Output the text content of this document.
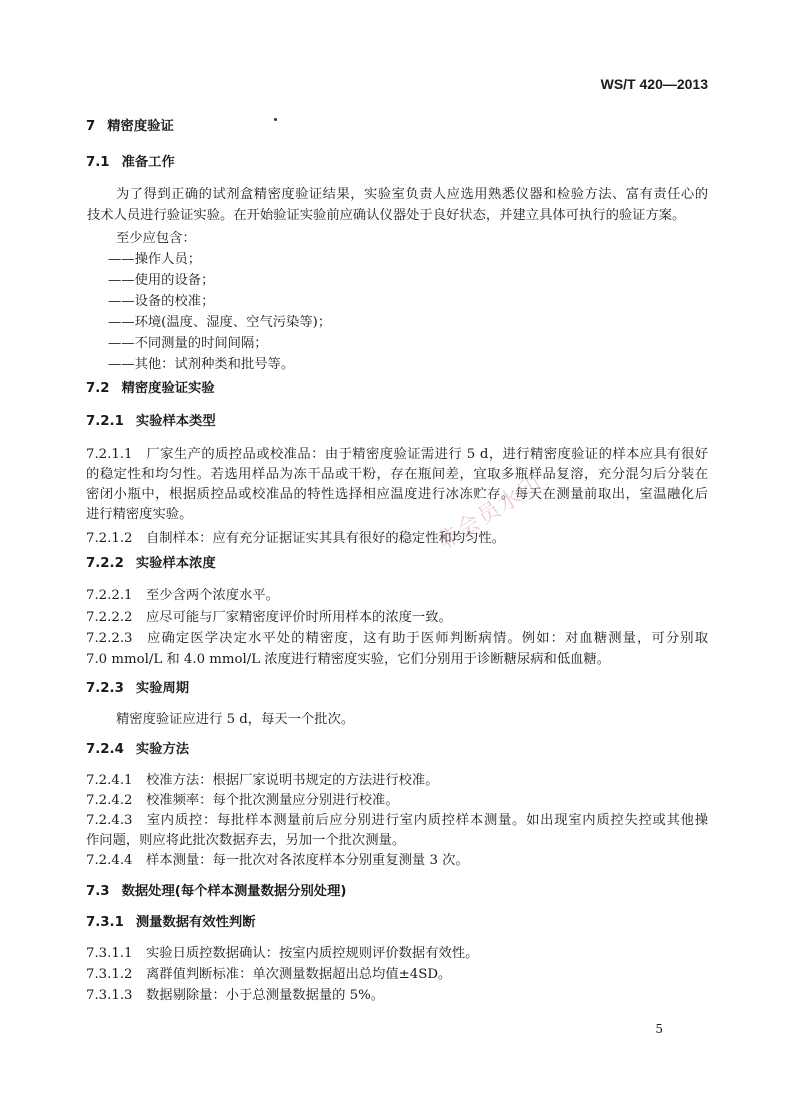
WS/T 420—2013
7 精密度验证
7.1 准备工作
为了得到正确的试剂盒精密度验证结果，实验室负责人应选用熟悉仪器和检验方法、富有责任心的
技术人员进行验证实验。在开始验证实验前应确认仪器处于良好状态，并建立具体可执行的验证方案。
至少应包含：
——操作人员；
——使用的设备；
——设备的校准；
——环境(温度、湿度、空气污染等)；
——不同测量的时间间隔；
——其他：试剂种类和批号等。
7.2 精密度验证实验
7.2.1 实验样本类型
7.2.1.1 厂家生产的质控品或校准品：由于精密度验证需进行 5 d，进行精密度验证的样本应具有很好
的稳定性和均匀性。若选用样品为冻干品或干粉，存在瓶间差，宜取多瓶样品复溶，充分混匀后分装在
密闭小瓶中，根据质控品或校准品的特性选择相应温度进行冰冻贮存。每天在测量前取出，室温融化后
进行精密度实验。
7.2.1.2 自制样本：应有充分证据证实其具有很好的稳定性和均匀性。
7.2.2 实验样本浓度
7.2.2.1 至少含两个浓度水平。
7.2.2.2 应尽可能与厂家精密度评价时所用样本的浓度一致。
7.2.2.3 应确定医学决定水平处的精密度，这有助于医师判断病情。例如：对血糖测量，可分别取
7.0 mmol/L 和 4.0 mmol/L 浓度进行精密度实验，它们分别用于诊断糖尿病和低血糖。
7.2.3 实验周期
精密度验证应进行 5 d，每天一个批次。
7.2.4 实验方法
7.2.4.1 校准方法：根据厂家说明书规定的方法进行校准。
7.2.4.2 校准频率：每个批次测量应分别进行校准。
7.2.4.3 室内质控：每批样本测量前后应分别进行室内质控样本测量。如出现室内质控失控或其他操
作问题，则应将此批次数据弃去，另加一个批次测量。
7.2.4.4 样本测量：每一批次对各浓度样本分别重复测量 3 次。
7.3 数据处理(每个样本测量数据分别处理)
7.3.1 测量数据有效性判断
7.3.1.1 实验日质控数据确认：按室内质控规则评价数据有效性。
7.3.1.2 离群值判断标准：单次测量数据超出总均值±4SD。
7.3.1.3 数据剔除量：小于总测量数据量的 5%。
5
非会员水印
